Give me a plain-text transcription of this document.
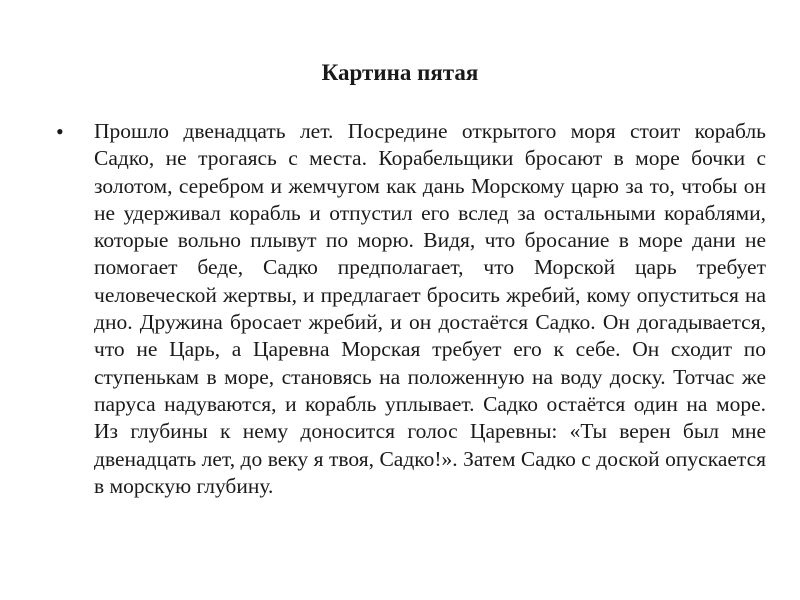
Картина пятая
• Прошло двенадцать лет. Посредине открытого моря стоит корабль Садко, не трогаясь с места. Корабельщики бросают в море бочки с золотом, серебром и жемчугом как дань Морскому царю за то, чтобы он не удерживал корабль и отпустил его вслед за остальными кораблями, которые вольно плывут по морю. Видя, что бросание в море дани не помогает беде, Садко предполагает, что Морской царь требует человеческой жертвы, и предлагает бросить жребий, кому опуститься на дно. Дружина бросает жребий, и он достаётся Садко. Он догадывается, что не Царь, а Царевна Морская требует его к себе. Он сходит по ступенькам в море, становясь на положенную на воду доску. Тотчас же паруса надуваются, и корабль уплывает. Садко остаётся один на море. Из глубины к нему доносится голос Царевны: «Ты верен был мне двенадцать лет, до веку я твоя, Садко!». Затем Садко с доской опускается в морскую глубину.
